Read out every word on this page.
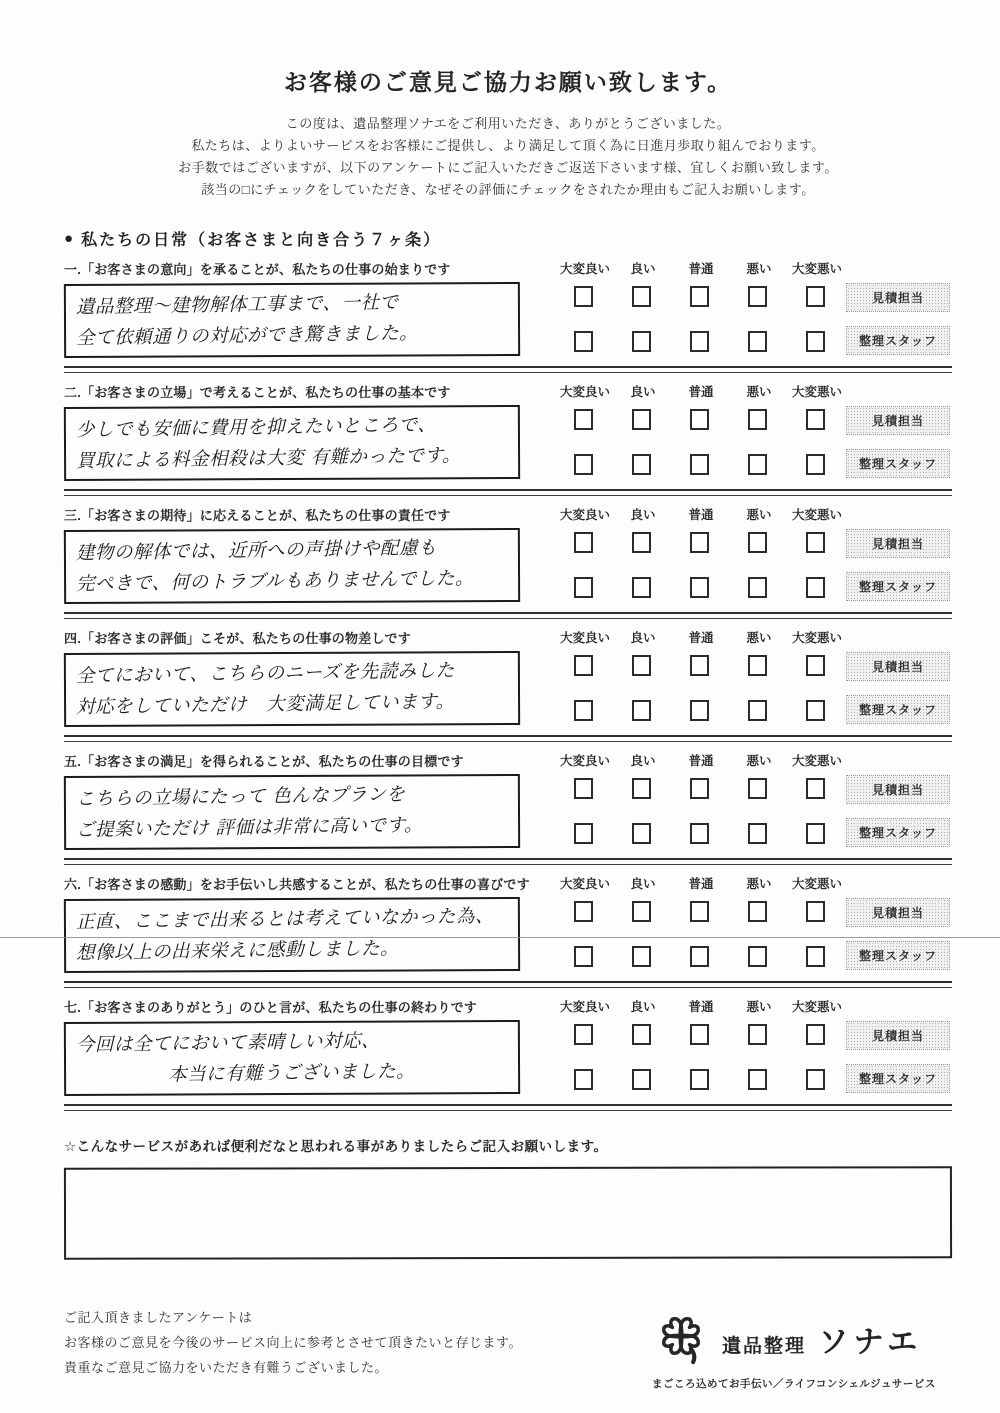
お客様のご意見ご協力お願い致します。
この度は、遺品整理ソナエをご利用いただき、ありがとうございました。
私たちは、よりよいサービスをお客様にご提供し、より満足して頂く為に日進月歩取り組んでおります。
お手数ではございますが、以下のアンケートにご記入いただきご返送下さいます様、宜しくお願い致します。
該当の□にチェックをしていただき、なぜその評価にチェックをされたか理由もご記入お願いします。
● 私たちの日常（お客さまと向き合う７ヶ条）
一.「お客さまの意向」を承ることが、私たちの仕事の始まりです	大変良い	良い	普通	悪い	大変悪い
遺品整理～建物解体工事まで、一社で
全て依頼通りの対応ができ驚きました。
見積担当
整理スタッフ
二.「お客さまの立場」で考えることが、私たちの仕事の基本です	大変良い	良い	普通	悪い	大変悪い
少しでも安価に費用を抑えたいところで、
買取による料金相殺は大変 有難かったです。
見積担当
整理スタッフ
三.「お客さまの期待」に応えることが、私たちの仕事の責任です	大変良い	良い	普通	悪い	大変悪い
建物の解体では、近所への声掛けや配慮も
完ぺきで、何のトラブルもありませんでした。
見積担当
整理スタッフ
四.「お客さまの評価」こそが、私たちの仕事の物差しです	大変良い	良い	普通	悪い	大変悪い
全てにおいて、こちらのニーズを先読みした
対応をしていただけ　大変満足しています。
見積担当
整理スタッフ
五.「お客さまの満足」を得られることが、私たちの仕事の目標です	大変良い	良い	普通	悪い	大変悪い
こちらの立場にたって 色んなプランを
ご提案いただけ 評価は非常に高いです。
見積担当
整理スタッフ
六.「お客さまの感動」をお手伝いし共感することが、私たちの仕事の喜びです	大変良い	良い	普通	悪い	大変悪い
正直、ここまで出来るとは考えていなかった為、
想像以上の出来栄えに感動しました。
見積担当
整理スタッフ
七.「お客さまのありがとう」のひと言が、私たちの仕事の終わりです	大変良い	良い	普通	悪い	大変悪い
今回は全てにおいて素晴しい対応、
本当に有難うございました。
見積担当
整理スタッフ
☆こんなサービスがあれば便利だなと思われる事がありましたらご記入お願いします。
ご記入頂きましたアンケートは
お客様のご意見を今後のサービス向上に参考とさせて頂きたいと存じます。
貴重なご意見ご協力をいただき有難うございました。
遺品整理 ソナエ
まごころ込めてお手伝い／ライフコンシェルジュサービス
